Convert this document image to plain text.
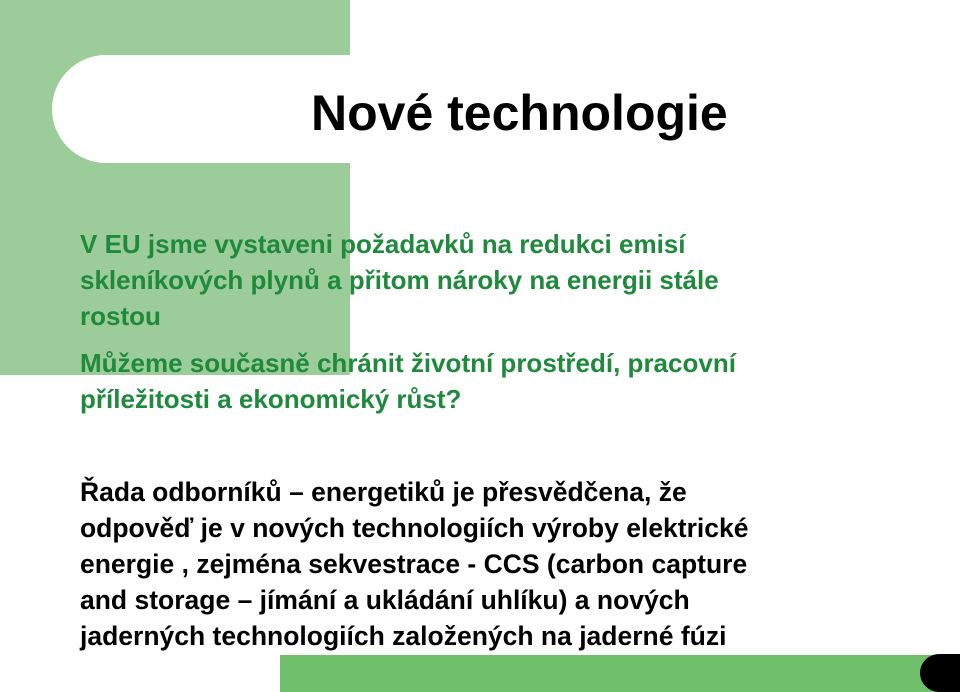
Nové technologie
V EU jsme vystaveni požadavků na redukci emisí
skleníkových plynů a přitom nároky na energii stále
rostou
Můžeme současně chránit životní prostředí, pracovní
příležitosti a ekonomický růst?
Řada odborníků – energetiků je přesvědčena, že
odpověď je v nových technologiích výroby elektrické
energie , zejména sekvestrace - CCS (carbon capture
and storage – jímání a ukládání uhlíku) a nových
jaderných technologiích založených na jaderné fúzi
